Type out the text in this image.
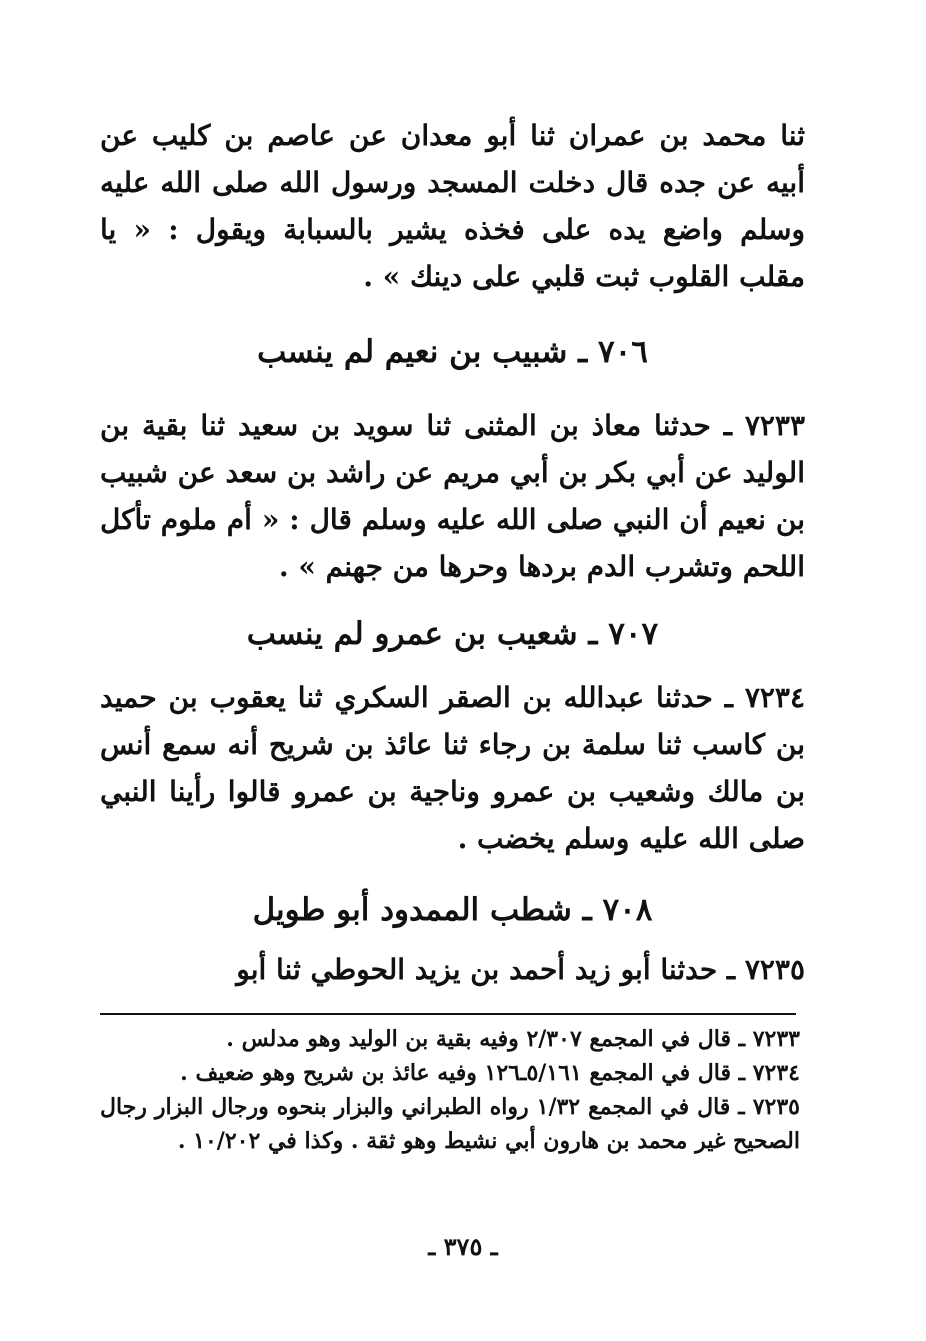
ثنا محمد بن عمران ثنا أبو معدان عن عاصم بن كليب عن أبيه عن جده قال دخلت المسجد ورسول الله صلى الله عليه وسلم واضع يده على فخذه يشير بالسبابة ويقول : « يا مقلب القلوب ثبت قلبي على دينك » .

٧٠٦ ـ شبيب بن نعيم لم ينسب

٧٢٣٣ ـ حدثنا معاذ بن المثنى ثنا سويد بن سعيد ثنا بقية بن الوليد عن أبي بكر بن أبي مريم عن راشد بن سعد عن شبيب بن نعيم أن النبي صلى الله عليه وسلم قال : « أم ملوم تأكل اللحم وتشرب الدم بردها وحرها من جهنم » .

٧٠٧ ـ شعيب بن عمرو لم ينسب

٧٢٣٤ ـ حدثنا عبدالله بن الصقر السكري ثنا يعقوب بن حميد بن كاسب ثنا سلمة بن رجاء ثنا عائذ بن شريح أنه سمع أنس بن مالك وشعيب بن عمرو وناجية بن عمرو قالوا رأينا النبي صلى الله عليه وسلم يخضب .

٧٠٨ ـ شطب الممدود أبو طويل

٧٢٣٥ ـ حدثنا أبو زيد أحمد بن يزيد الحوطي ثنا أبو

٧٢٣٣ ـ قال في المجمع ٢/٣٠٧ وفيه بقية بن الوليد وهو مدلس .

٧٢٣٤ ـ قال في المجمع ٥/١٦١ـ١٢٦ وفيه عائذ بن شريح وهو ضعيف .

٧٢٣٥ ـ قال في المجمع ١/٣٢ رواه الطبراني والبزار بنحوه ورجال البزار رجال الصحيح غير محمد بن هارون أبي نشيط وهو ثقة . وكذا في ١٠/٢٠٢ .

ـ ٣٧٥ ـ
